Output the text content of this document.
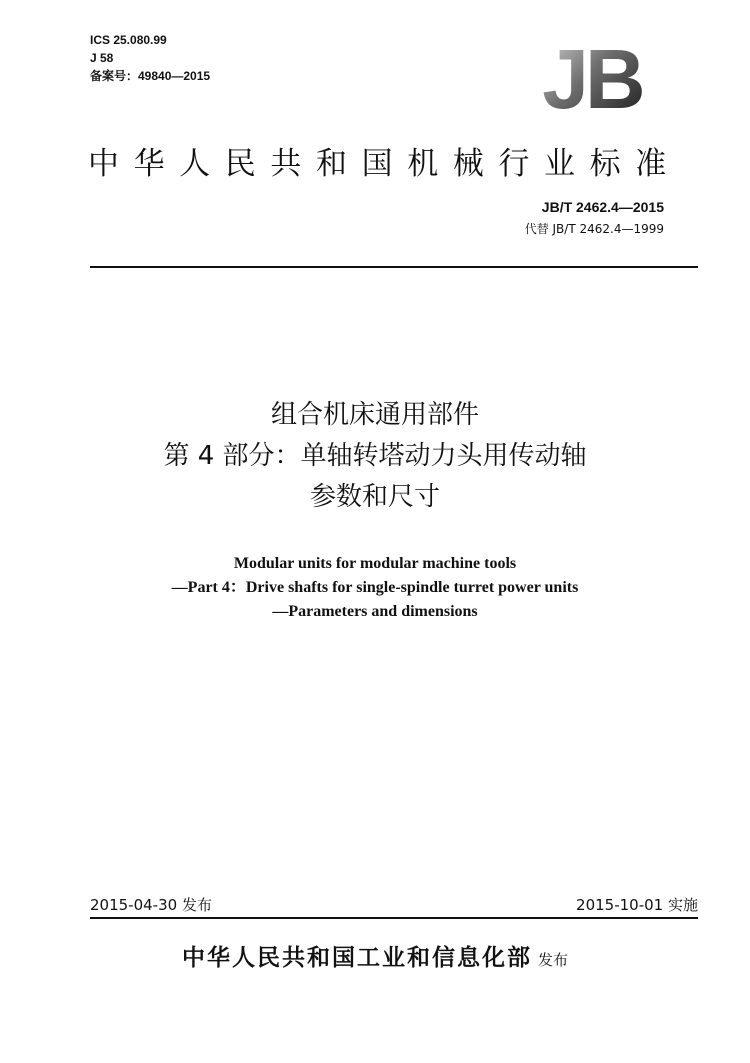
ICS 25.080.99
J 58
备案号：49840—2015	JB
中华人民共和国机械行业标准
JB/T 2462.4—2015
代替 JB/T 2462.4—1999
组合机床通用部件
第 4 部分：单轴转塔动力头用传动轴
参数和尺寸
Modular units for modular machine tools
—Part 4：Drive shafts for single-spindle turret power units
—Parameters and dimensions
2015-04-30 发布	2015-10-01 实施
中华人民共和国工业和信息化部 发布
